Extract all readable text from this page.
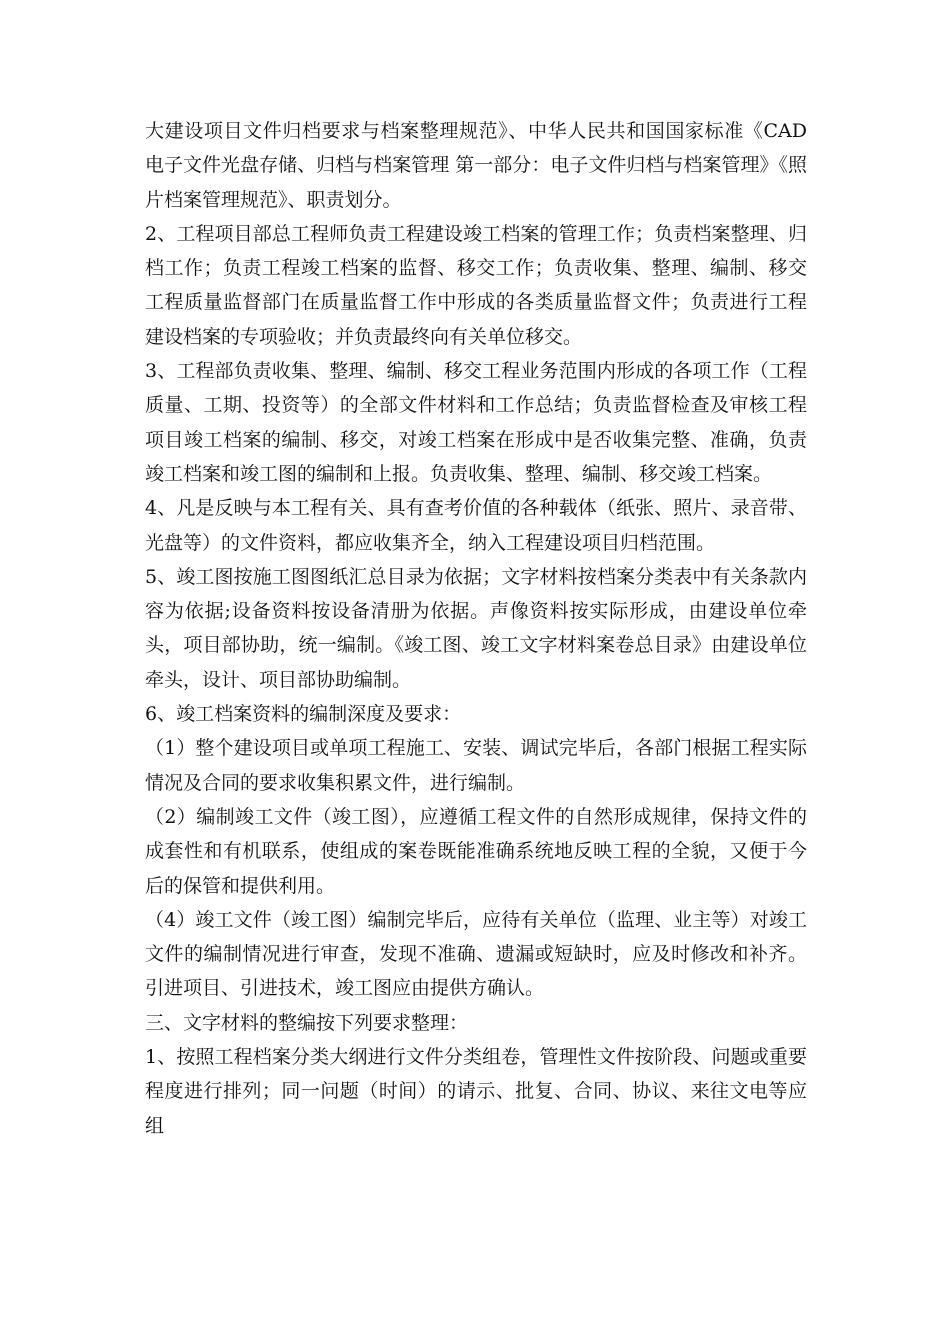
大建设项目文件归档要求与档案整理规范》、中华人民共和国国家标准《CAD 电子文件光盘存储、归档与档案管理 第一部分：电子文件归档与档案管理》《照片档案管理规范》、职责划分。

2、工程项目部总工程师负责工程建设竣工档案的管理工作；负责档案整理、归档工作；负责工程竣工档案的监督、移交工作；负责收集、整理、编制、移交工程质量监督部门在质量监督工作中形成的各类质量监督文件；负责进行工程建设档案的专项验收；并负责最终向有关单位移交。

3、工程部负责收集、整理、编制、移交工程业务范围内形成的各项工作（工程质量、工期、投资等）的全部文件材料和工作总结；负责监督检查及审核工程项目竣工档案的编制、移交，对竣工档案在形成中是否收集完整、准确，负责竣工档案和竣工图的编制和上报。负责收集、整理、编制、移交竣工档案。

4、凡是反映与本工程有关、具有查考价值的各种载体（纸张、照片、录音带、光盘等）的文件资料，都应收集齐全，纳入工程建设项目归档范围。

5、竣工图按施工图图纸汇总目录为依据；文字材料按档案分类表中有关条款内容为依据;设备资料按设备清册为依据。声像资料按实际形成，由建设单位牵头，项目部协助，统一编制。《竣工图、竣工文字材料案卷总目录》由建设单位牵头，设计、项目部协助编制。

6、竣工档案资料的编制深度及要求：

（1）整个建设项目或单项工程施工、安装、调试完毕后，各部门根据工程实际情况及合同的要求收集积累文件，进行编制。

（2）编制竣工文件（竣工图），应遵循工程文件的自然形成规律，保持文件的成套性和有机联系，使组成的案卷既能准确系统地反映工程的全貌，又便于今后的保管和提供利用。

（4）竣工文件（竣工图）编制完毕后，应待有关单位（监理、业主等）对竣工文件的编制情况进行审查，发现不准确、遗漏或短缺时，应及时修改和补齐。引进项目、引进技术，竣工图应由提供方确认。

三、文字材料的整编按下列要求整理：

1、按照工程档案分类大纲进行文件分类组卷，管理性文件按阶段、问题或重要程度进行排列；同一问题（时间）的请示、批复、合同、协议、来往文电等应组
